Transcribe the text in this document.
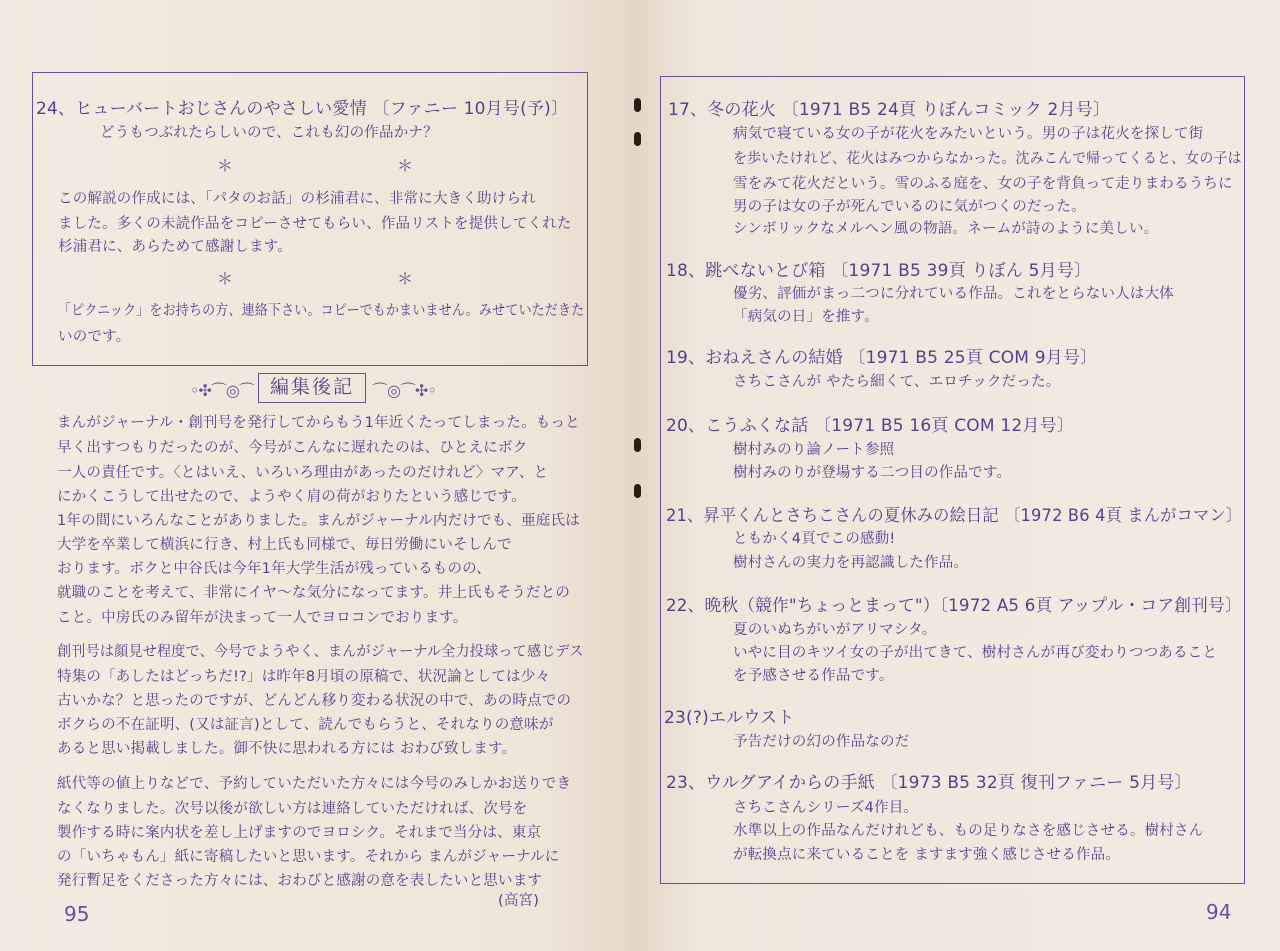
24、ヒューバートおじさんのやさしい愛情 〔ファニー 10月号(予)〕
どうもつぶれたらしいので、これも幻の作品かナ？
＊	＊
この解説の作成には、「パタのお話」の杉浦君に、非常に大きく助けられ
ました。多くの未読作品をコピーさせてもらい、作品リストを提供してくれた
杉浦君に、あらためて感謝します。
＊	＊
「ピクニック」をお持ちの方、連絡下さい。コピーでもかまいません。みせていただきた
いのです。
◦✣⌒◎⌒ 編集後記	⌒◎⌒✣◦
まんがジャーナル・創刊号を発行してからもう1年近くたってしまった。もっと
早く出すつもりだったのが、今号がこんなに遅れたのは、ひとえにボク
一人の責任です。〈とはいえ、いろいろ理由があったのだけれど〉マア、と
にかくこうして出せたので、ようやく肩の荷がおりたという感じです。
1年の間にいろんなことがありました。まんがジャーナル内だけでも、亜庭氏は
大学を卒業して横浜に行き、村上氏も同様で、毎日労働にいそしんで
おります。ボクと中谷氏は今年1年大学生活が残っているものの、
就職のことを考えて、非常にイヤ〜な気分になってます。井上氏もそうだとの
こと。中房氏のみ留年が決まって一人でヨロコンでおります。
創刊号は顔見せ程度で、今号でようやく、まんがジャーナル全力投球って感じデス
特集の「あしたはどっちだ!?」は昨年8月頃の原稿で、状況論としては少々
古いかな？と思ったのですが、どんどん移り変わる状況の中で、あの時点での
ボクらの不在証明、(又は証言)として、読んでもらうと、それなりの意味が
あると思い掲載しました。御不快に思われる方には おわび致します。
紙代等の値上りなどで、予約していただいた方々には今号のみしかお送りでき
なくなりました。次号以後が欲しい方は連絡していただければ、次号を
製作する時に案内状を差し上げますのでヨロシク。それまで当分は、東京
の「いちゃもん」紙に寄稿したいと思います。それから まんがジャーナルに
発行暫足をくださった方々には、おわびと感謝の意を表したいと思います
(高宮)
95
17、冬の花火 〔1971 B5 24頁 りぼんコミック 2月号〕
病気で寝ている女の子が花火をみたいという。男の子は花火を探して街
を歩いたけれど、花火はみつからなかった。沈みこんで帰ってくると、女の子は
雪をみて花火だという。雪のふる庭を、女の子を背負って走りまわるうちに
男の子は女の子が死んでいるのに気がつくのだった。
シンボリックなメルヘン風の物語。ネームが詩のように美しい。
18、跳べないとび箱 〔1971 B5 39頁 りぼん 5月号〕
優劣、評価がまっ二つに分れている作品。これをとらない人は大体
「病気の日」を推す。
19、おねえさんの結婚 〔1971 B5 25頁 COM 9月号〕
さちこさんが やたら細くて、エロチックだった。
20、こうふくな話 〔1971 B5 16頁 COM 12月号〕
樹村みのり論ノート参照
樹村みのりが登場する二つ目の作品です。
21、昇平くんとさちこさんの夏休みの絵日記 〔1972 B6 4頁 まんがコマン〕
ともかく4頁でこの感動!
樹村さんの実力を再認識した作品。
22、晩秋（競作"ちょっとまって"）〔1972 A5 6頁 アップル・コア創刊号〕
夏のいぬちがいがアリマシタ。
いやに目のキツイ女の子が出てきて、樹村さんが再び変わりつつあること
を予感させる作品です。
23(?)エルウスト
予告だけの幻の作品なのだ
23、ウルグアイからの手紙 〔1973 B5 32頁 復刊ファニー 5月号〕
さちこさんシリーズ4作目。
水準以上の作品なんだけれども、もの足りなさを感じさせる。樹村さん
が転換点に来ていることを ますます強く感じさせる作品。
94
